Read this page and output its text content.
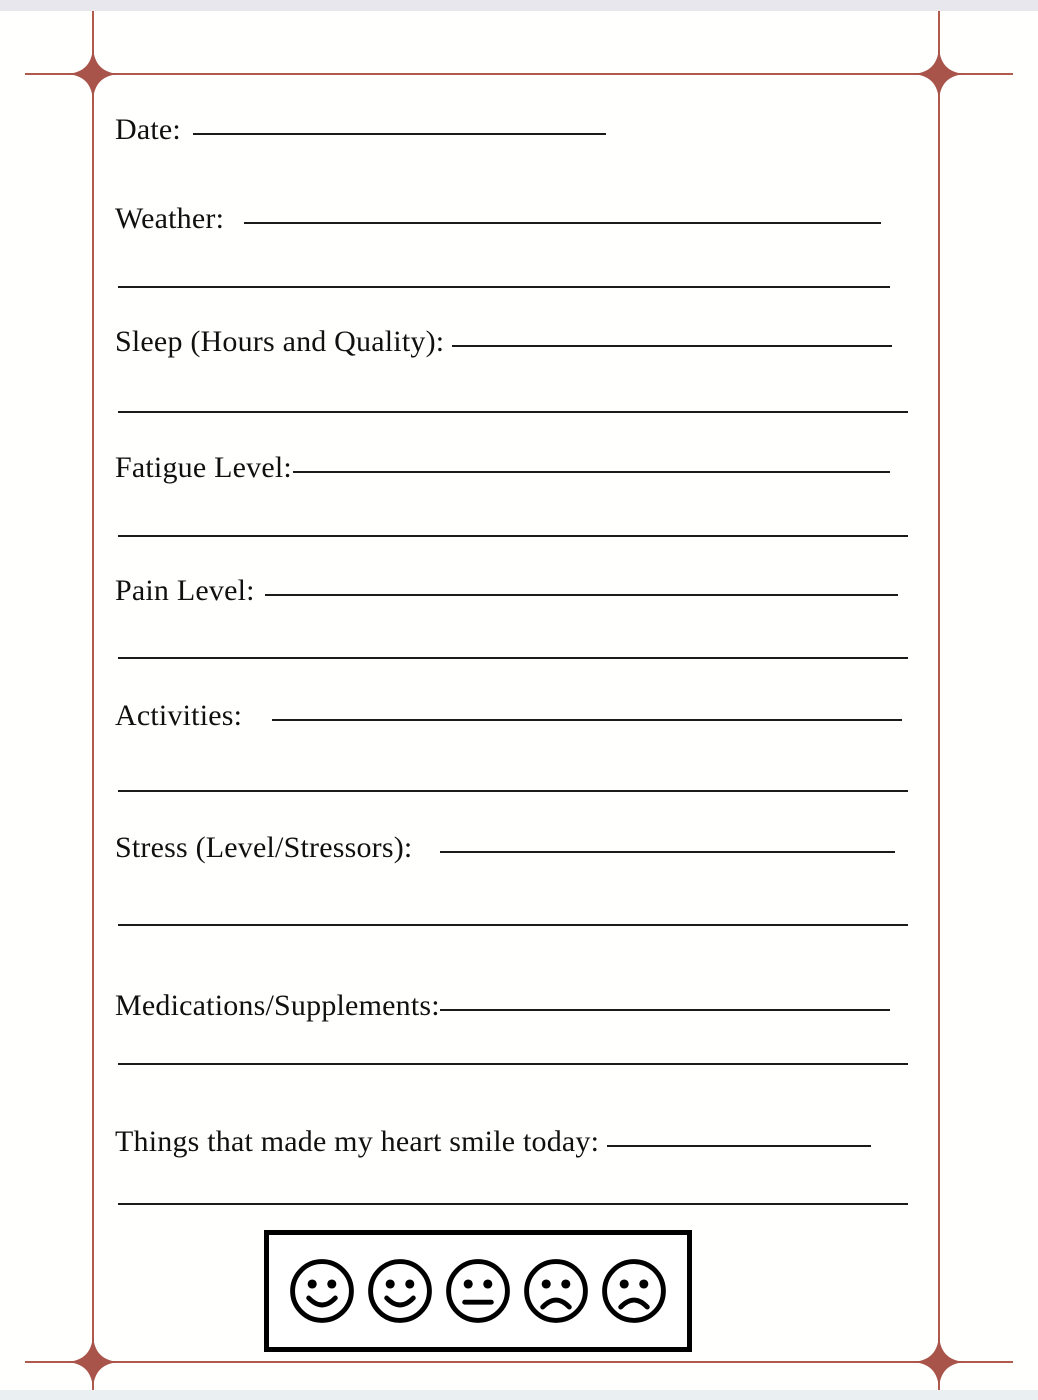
Date:
Weather:
Sleep (Hours and Quality):
Fatigue Level:
Pain Level:
Activities:
Stress (Level/Stressors):
Medications/Supplements:
Things that made my heart smile today:
